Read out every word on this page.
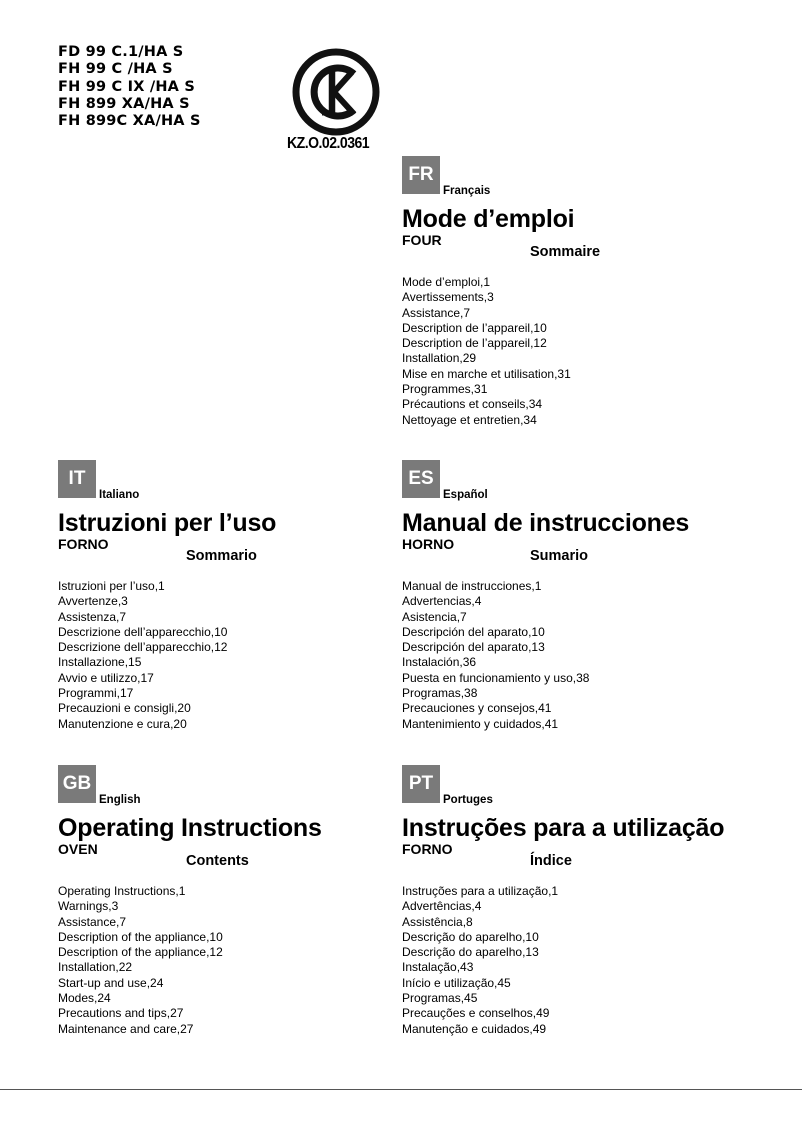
FD 99 C.1/HA S
FH 99 C /HA S
FH 99 C IX /HA S
FH 899 XA/HA S
FH 899C XA/HA S
KZ.O.02.0361
FR
Français
Mode d’emploi
FOUR
Sommaire
Mode d’emploi,1
Avertissements,3
Assistance,7
Description de l’appareil,10
Description de l’appareil,12
Installation,29
Mise en marche et utilisation,31
Programmes,31
Précautions et conseils,34
Nettoyage et entretien,34
IT
Italiano
Istruzioni per l’uso
FORNO
Sommario
Istruzioni per l’uso,1
Avvertenze,3
Assistenza,7
Descrizione dell’apparecchio,10
Descrizione dell’apparecchio,12
Installazione,15
Avvio e utilizzo,17
Programmi,17
Precauzioni e consigli,20
Manutenzione e cura,20
ES
Español
Manual de instrucciones
HORNO
Sumario
Manual de instrucciones,1
Advertencias,4
Asistencia,7
Descripción del aparato,10
Descripción del aparato,13
Instalación,36
Puesta en funcionamiento y uso,38
Programas,38
Precauciones y consejos,41
Mantenimiento y cuidados,41
GB
English
Operating Instructions
OVEN
Contents
Operating Instructions,1
Warnings,3
Assistance,7
Description of the appliance,10
Description of the appliance,12
Installation,22
Start-up and use,24
Modes,24
Precautions and tips,27
Maintenance and care,27
PT
Portuges
Instruções para a utilização
FORNO
Índice
Instruções para a utilização,1
Advertências,4
Assistência,8
Descrição do aparelho,10
Descrição do aparelho,13
Instalação,43
Início e utilização,45
Programas,45
Precauções e conselhos,49
Manutenção e cuidados,49
